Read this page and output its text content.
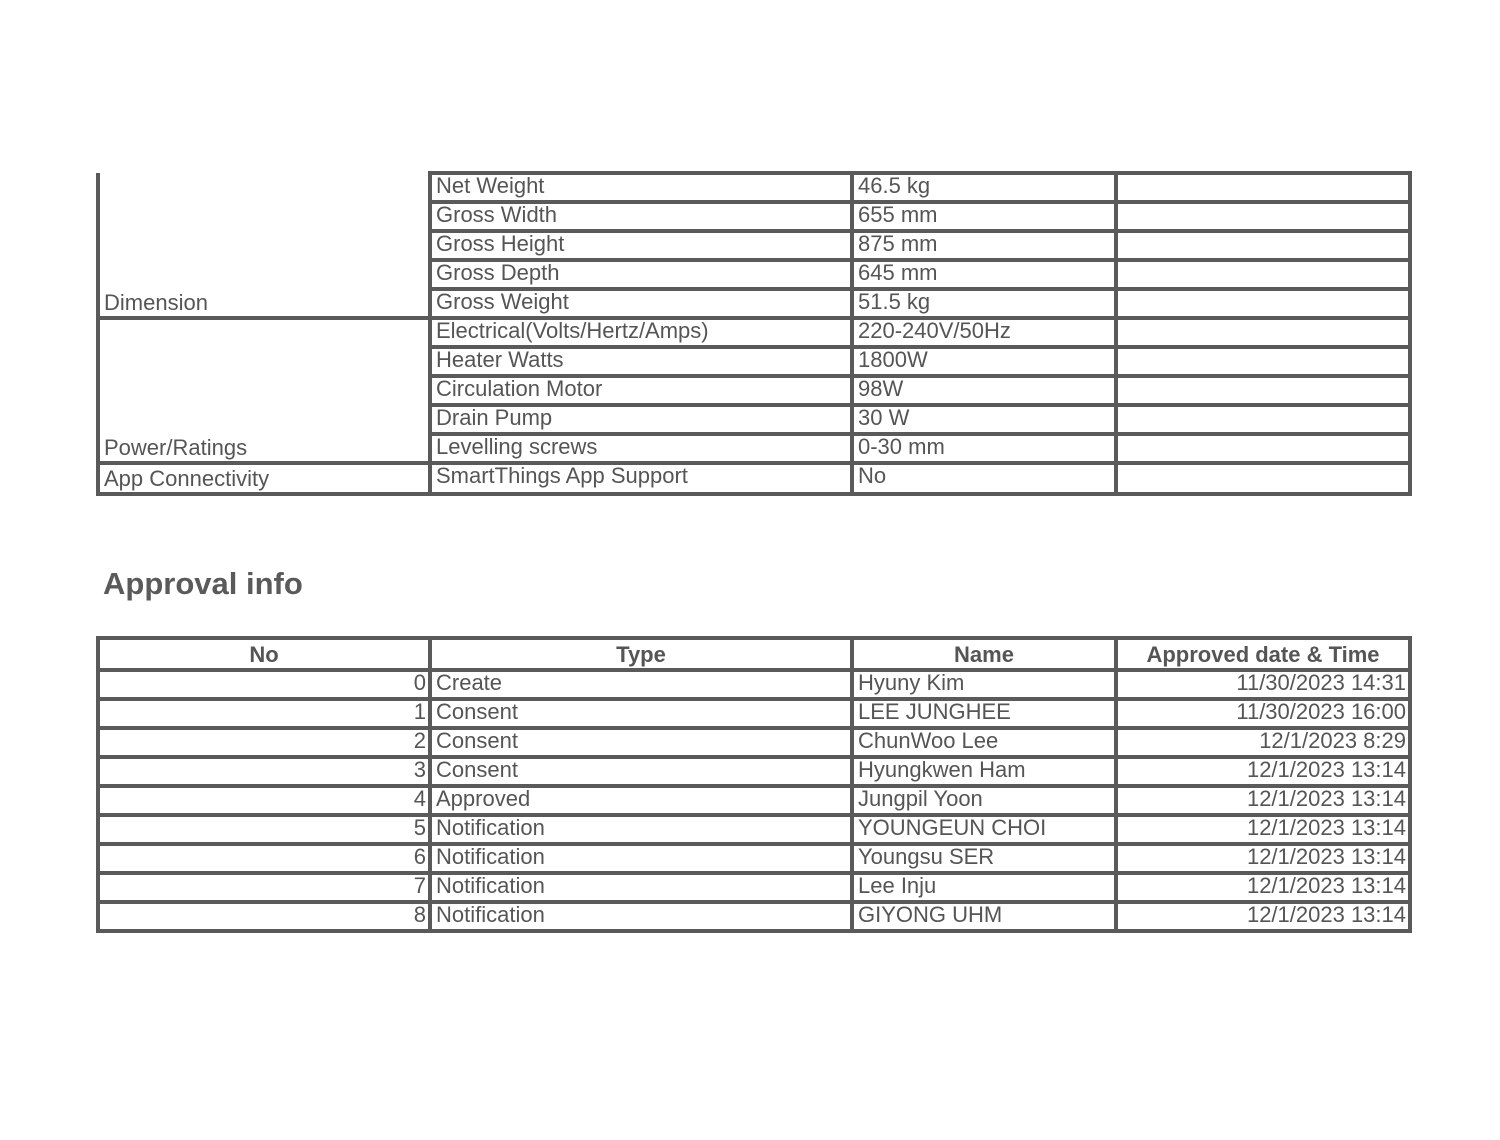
Dimension	Net Weight	46.5 kg	
	Gross Width	655 mm	
	Gross Height	875 mm	
	Gross Depth	645 mm	
	Gross Weight	51.5 kg	
Power/Ratings	Electrical(Volts/Hertz/Amps)	220-240V/50Hz	
	Heater Watts	1800W	
	Circulation Motor	98W	
	Drain Pump	30 W	
	Levelling screws	0-30 mm	
App Connectivity	SmartThings App Support	No	
Approval info
No	Type	Name	Approved date & Time
0	Create	Hyuny Kim	11/30/2023 14:31
1	Consent	LEE JUNGHEE	11/30/2023 16:00
2	Consent	ChunWoo Lee	12/1/2023 8:29
3	Consent	Hyungkwen Ham	12/1/2023 13:14
4	Approved	Jungpil Yoon	12/1/2023 13:14
5	Notification	YOUNGEUN CHOI	12/1/2023 13:14
6	Notification	Youngsu SER	12/1/2023 13:14
7	Notification	Lee Inju	12/1/2023 13:14
8	Notification	GIYONG UHM	12/1/2023 13:14
